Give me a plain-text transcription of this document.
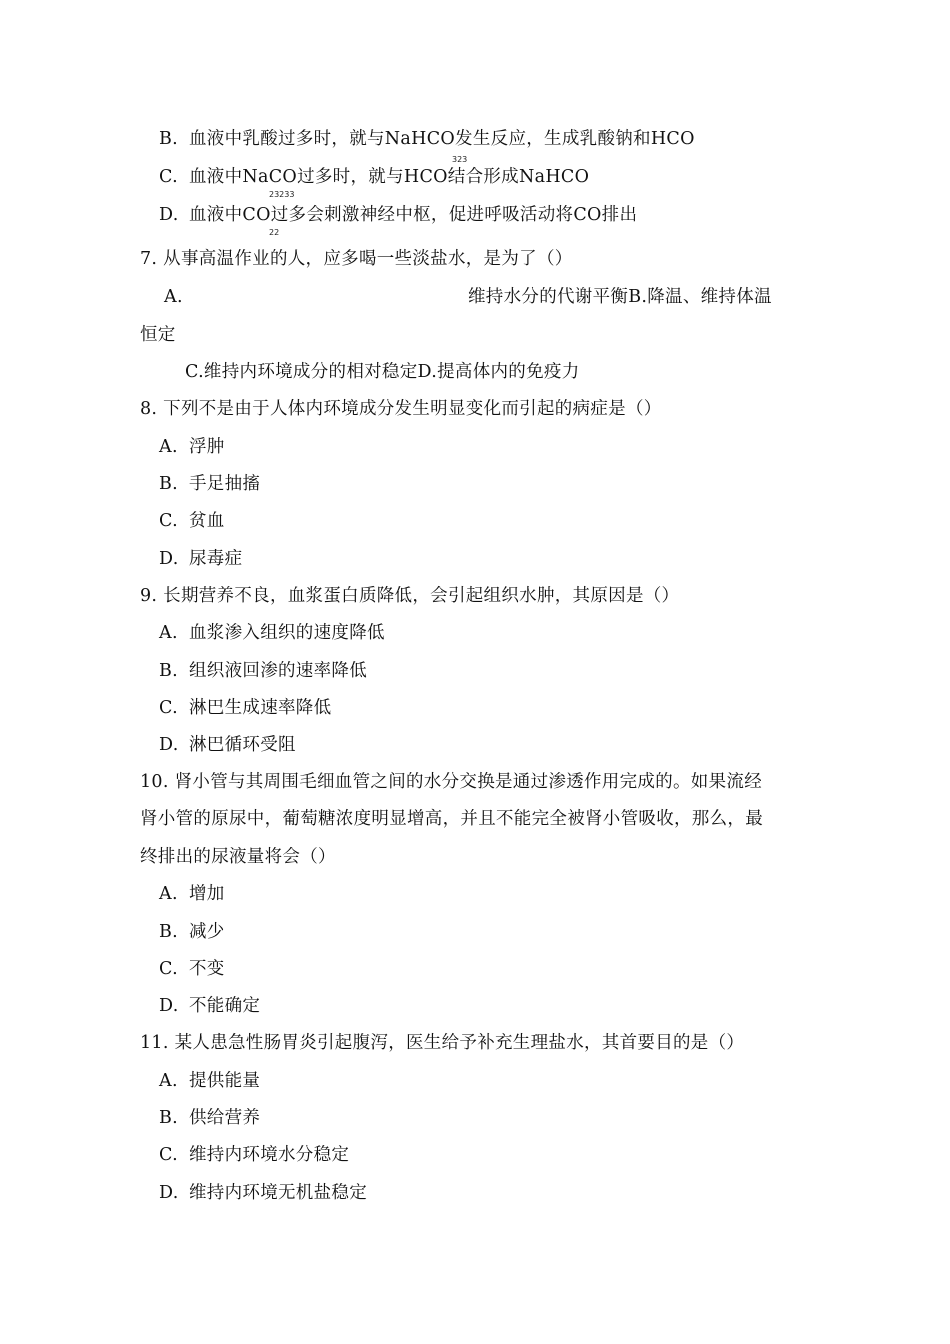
B. 血液中乳酸过多时，就与NaHCO发生反应，生成乳酸钠和HCO
323
C. 血液中NaCO过多时，就与HCO结合形成NaHCO
23233
D. 血液中CO过多会刺激神经中枢，促进呼吸活动将CO排出
22
7. 从事高温作业的人，应多喝一些淡盐水，是为了（）
A.	维持水分的代谢平衡B.降温、维持体温
恒定
C.维持内环境成分的相对稳定D.提高体内的免疫力
8. 下列不是由于人体内环境成分发生明显变化而引起的病症是（）
A. 浮肿
B. 手足抽搐
C. 贫血
D. 尿毒症
9. 长期营养不良，血浆蛋白质降低，会引起组织水肿，其原因是（）
A. 血浆渗入组织的速度降低
B. 组织液回渗的速率降低
C. 淋巴生成速率降低
D. 淋巴循环受阻
10. 肾小管与其周围毛细血管之间的水分交换是通过渗透作用完成的。如果流经
肾小管的原尿中，葡萄糖浓度明显增高，并且不能完全被肾小管吸收，那么，最
终排出的尿液量将会（）
A. 增加
B. 减少
C. 不变
D. 不能确定
11. 某人患急性肠胃炎引起腹泻，医生给予补充生理盐水，其首要目的是（）
A. 提供能量
B. 供给营养
C. 维持内环境水分稳定
D. 维持内环境无机盐稳定
